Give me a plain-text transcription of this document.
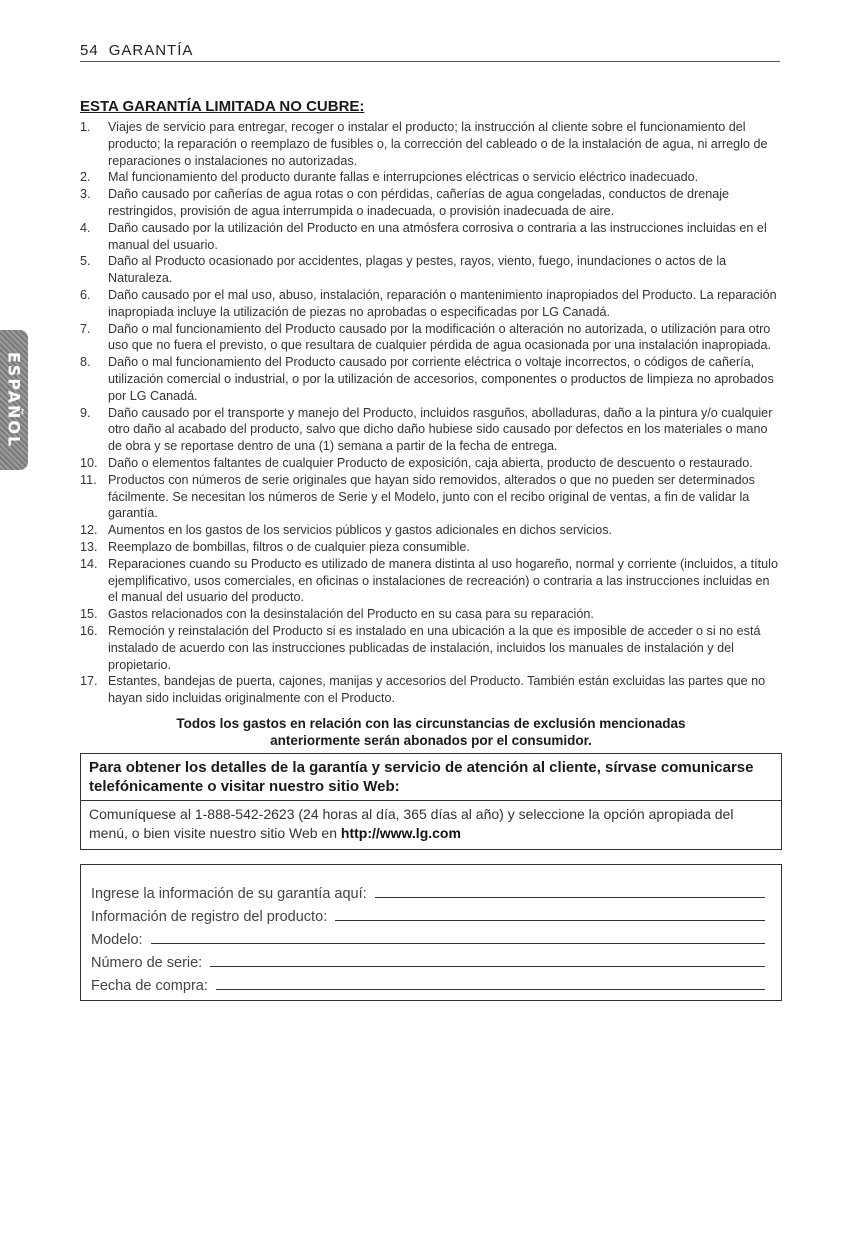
54 GARANTÍA
ESPAÑOL
ESTA GARANTÍA LIMITADA NO CUBRE:
1.	Viajes de servicio para entregar, recoger o instalar el producto; la instrucción al cliente sobre el funcionamiento del producto; la reparación o reemplazo de fusibles o, la corrección del cableado o de la instalación de agua, ni arreglo de reparaciones o instalaciones no autorizadas.
2.	Mal funcionamiento del producto durante fallas e interrupciones eléctricas o servicio eléctrico inadecuado.
3.	Daño causado por cañerías de agua rotas o con pérdidas, cañerías de agua congeladas, conductos de drenaje restringidos, provisión de agua interrumpida o inadecuada, o provisión inadecuada de aire.
4.	Daño causado por la utilización del Producto en una atmósfera corrosiva o contraria a las instrucciones incluidas en el manual del usuario.
5.	Daño al Producto ocasionado por accidentes, plagas y pestes, rayos, viento, fuego, inundaciones o actos de la Naturaleza.
6.	Daño causado por el mal uso, abuso, instalación, reparación o mantenimiento inapropiados del Producto. La reparación inapropiada incluye la utilización de piezas no aprobadas o especificadas por LG Canadá.
7.	Daño o mal funcionamiento del Producto causado por la modificación o alteración no autorizada, o utilización para otro uso que no fuera el previsto, o que resultara de cualquier pérdida de agua ocasionada por una instalación inapropiada.
8.	Daño o mal funcionamiento del Producto causado por corriente eléctrica o voltaje incorrectos, o códigos de cañería, utilización comercial o industrial, o por la utilización de accesorios, componentes o productos de limpieza no aprobados por LG Canadá.
9.	Daño causado por el transporte y manejo del Producto, incluidos rasguños, abolladuras, daño a la pintura y/o cualquier otro daño al acabado del producto, salvo que dicho daño hubiese sido causado por defectos en los materiales o mano de obra y se reportase dentro de una (1) semana a partir de la fecha de entrega.
10. Daño o elementos faltantes de cualquier Producto de exposición, caja abierta, producto de descuento o restaurado.
11. Productos con números de serie originales que hayan sido removidos, alterados o que no pueden ser determinados fácilmente. Se necesitan los números de Serie y el Modelo, junto con el recibo original de ventas, a fin de validar la garantía.
12. Aumentos en los gastos de los servicios públicos y gastos adicionales en dichos servicios.
13. Reemplazo de bombillas, filtros o de cualquier pieza consumible.
14. Reparaciones cuando su Producto es utilizado de manera distinta al uso hogareño, normal y corriente (incluidos, a título ejemplificativo, usos comerciales, en oficinas o instalaciones de recreación) o contraria a las instrucciones incluidas en el manual del usuario del producto.
15. Gastos relacionados con la desinstalación del Producto en su casa para su reparación.
16. Remoción y reinstalación del Producto si es instalado en una ubicación a la que es imposible de acceder o si no está instalado de acuerdo con las instrucciones publicadas de instalación, incluidos los manuales de instalación y del propietario.
17. Estantes, bandejas de puerta, cajones, manijas y accesorios del Producto. También están excluidas las partes que no hayan sido incluidas originalmente con el Producto.
Todos los gastos en relación con las circunstancias de exclusión mencionadas
anteriormente serán abonados por el consumidor.
Para obtener los detalles de la garantía y servicio de atención al cliente, sírvase comunicarse telefónicamente o visitar nuestro sitio Web:
Comuníquese al 1-888-542-2623 (24 horas al día, 365 días al año) y seleccione la opción apropiada del menú, o bien visite nuestro sitio Web en http://www.lg.com
Ingrese la información de su garantía aquí:
Información de registro del producto:
Modelo:
Número de serie:
Fecha de compra:
